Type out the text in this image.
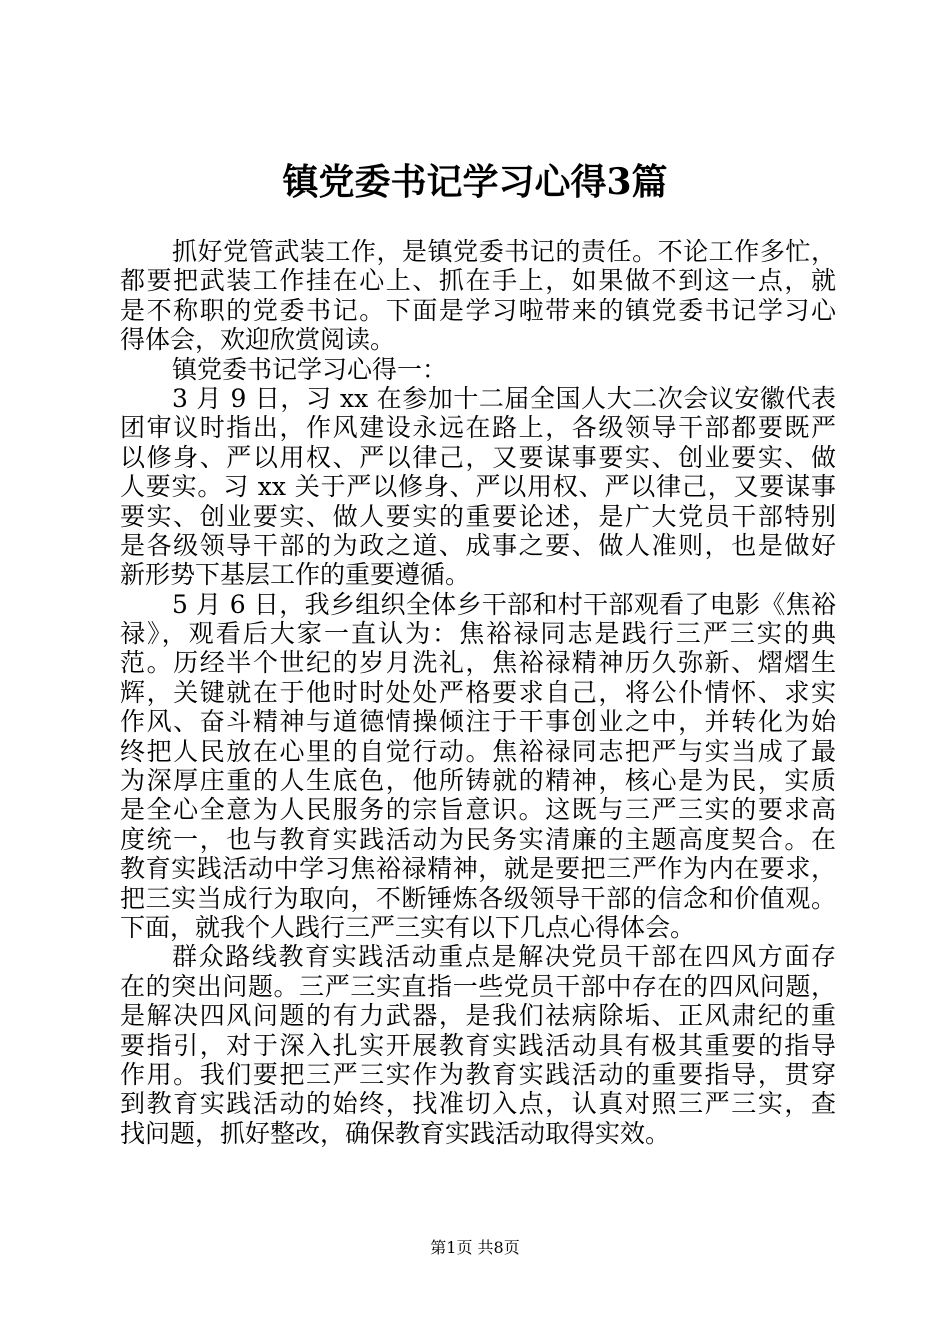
镇党委书记学习心得3篇
抓好党管武装工作，是镇党委书记的责任。不论工作多忙，
都要把武装工作挂在心上、抓在手上，如果做不到这一点，就
是不称职的党委书记。下面是学习啦带来的镇党委书记学习心
得体会，欢迎欣赏阅读。
镇党委书记学习心得一：
3 月 9 日，习 xx 在参加十二届全国人大二次会议安徽代表
团审议时指出，作风建设永远在路上，各级领导干部都要既严
以修身、严以用权、严以律己，又要谋事要实、创业要实、做
人要实。习 xx 关于严以修身、严以用权、严以律己，又要谋事
要实、创业要实、做人要实的重要论述，是广大党员干部特别
是各级领导干部的为政之道、成事之要、做人准则，也是做好
新形势下基层工作的重要遵循。
5 月 6 日，我乡组织全体乡干部和村干部观看了电影《焦裕
禄》，观看后大家一直认为：焦裕禄同志是践行三严三实的典
范。历经半个世纪的岁月洗礼，焦裕禄精神历久弥新、熠熠生
辉，关键就在于他时时处处严格要求自己，将公仆情怀、求实
作风、奋斗精神与道德情操倾注于干事创业之中，并转化为始
终把人民放在心里的自觉行动。焦裕禄同志把严与实当成了最
为深厚庄重的人生底色，他所铸就的精神，核心是为民，实质
是全心全意为人民服务的宗旨意识。这既与三严三实的要求高
度统一，也与教育实践活动为民务实清廉的主题高度契合。在
教育实践活动中学习焦裕禄精神，就是要把三严作为内在要求，
把三实当成行为取向，不断锤炼各级领导干部的信念和价值观。
下面，就我个人践行三严三实有以下几点心得体会。
群众路线教育实践活动重点是解决党员干部在四风方面存
在的突出问题。三严三实直指一些党员干部中存在的四风问题，
是解决四风问题的有力武器，是我们祛病除垢、正风肃纪的重
要指引，对于深入扎实开展教育实践活动具有极其重要的指导
作用。我们要把三严三实作为教育实践活动的重要指导，贯穿
到教育实践活动的始终，找准切入点，认真对照三严三实，查
找问题，抓好整改，确保教育实践活动取得实效。
第1页 共8页
